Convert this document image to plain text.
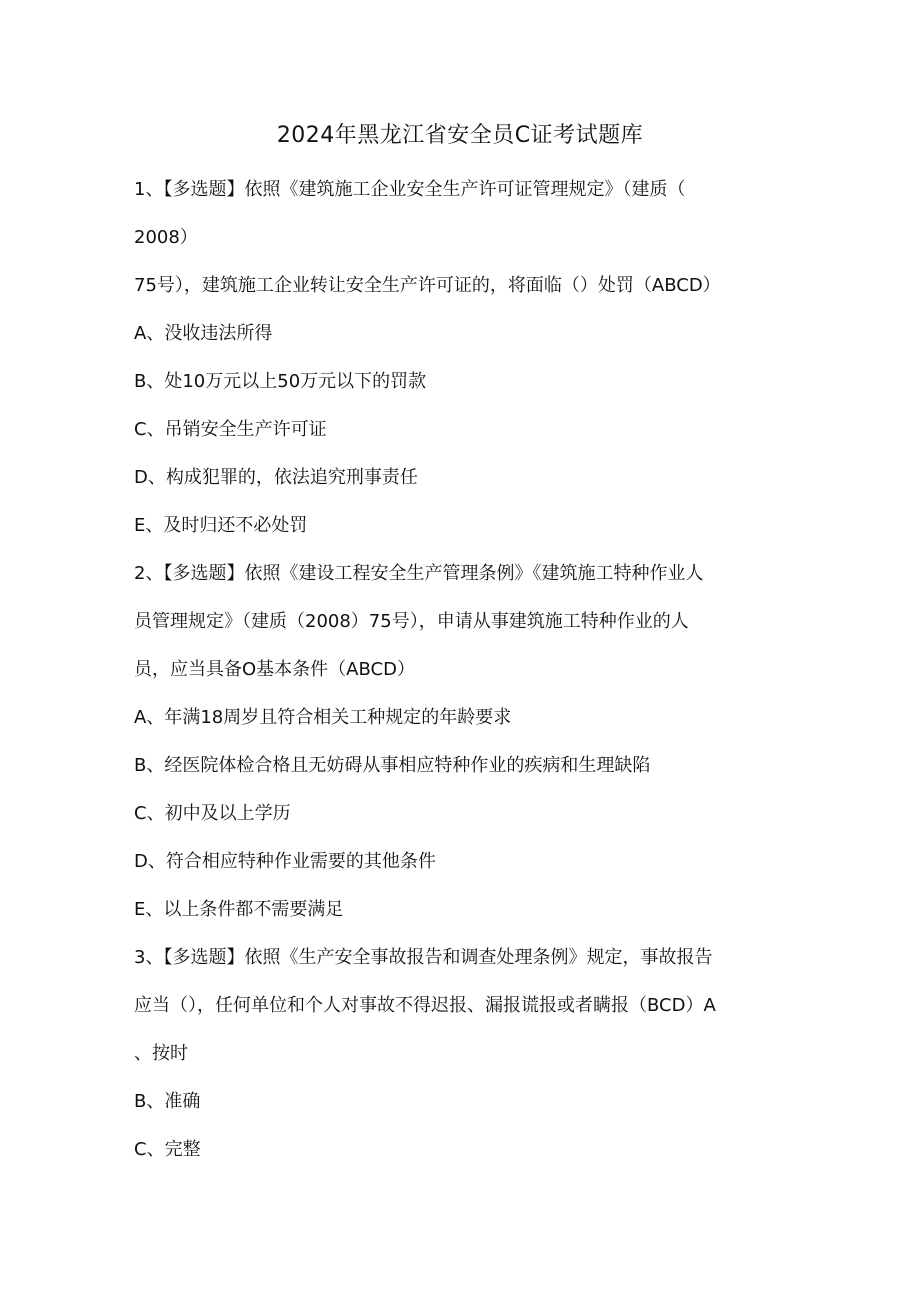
2024年黑龙江省安全员C证考试题库
1、【多选题】依照《建筑施工企业安全生产许可证管理规定》（建质（
2008）
75号），建筑施工企业转让安全生产许可证的，将面临（）处罚（ABCD）
A、没收违法所得
B、处10万元以上50万元以下的罚款
C、吊销安全生产许可证
D、构成犯罪的，依法追究刑事责任
E、及时归还不必处罚
2、【多选题】依照《建设工程安全生产管理条例》《建筑施工特种作业人
员管理规定》（建质（2008）75号），申请从事建筑施工特种作业的人
员，应当具备O基本条件（ABCD）
A、年满18周岁且符合相关工种规定的年龄要求
B、经医院体检合格且无妨碍从事相应特种作业的疾病和生理缺陷
C、初中及以上学历
D、符合相应特种作业需要的其他条件
E、以上条件都不需要满足
3、【多选题】依照《生产安全事故报告和调查处理条例》规定，事故报告
应当（），任何单位和个人对事故不得迟报、漏报谎报或者瞒报（BCD）A
、按时
B、准确
C、完整
